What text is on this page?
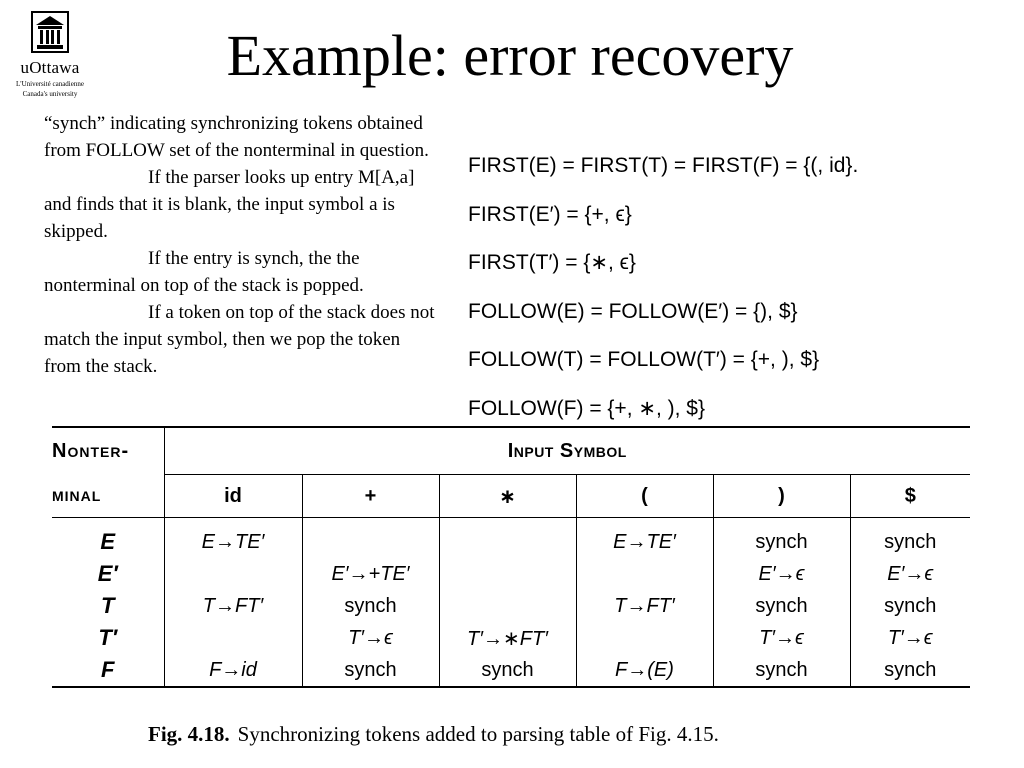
uOttawa
L'Université canadienne
Canada's university
Example: error recovery

“synch” indicating synchronizing tokens obtained from FOLLOW set of the nonterminal in question.

If the parser looks up entry M[A,a] and finds that it is blank, the input symbol a is skipped.

If the entry is synch, the the nonterminal on top of the stack is popped.

If a token on top of the stack does not match the input symbol, then we pop the token from the stack.

FIRST(E) = FIRST(T) = FIRST(F) = {(, id}.
FIRST(E′) = {+, ϵ}
FIRST(T′) = {∗, ϵ}
FOLLOW(E) = FOLLOW(E′) = {), $}
FOLLOW(T) = FOLLOW(T′) = {+, ), $}
FOLLOW(F) = {+, ∗, ), $}
Nonter-	Input Symbol					
minal	id	+	∗	(	)	$
E	E→TE′			E→TE′	synch	synch
E′		E′→+TE′			E′→ϵ	E′→ϵ
T	T→FT′	synch		T→FT′	synch	synch
T′		T′→ϵ	T′→∗FT′		T′→ϵ	T′→ϵ
F	F→id	synch	synch	F→(E)	synch	synch
Fig. 4.18. Synchronizing tokens added to parsing table of Fig. 4.15.
